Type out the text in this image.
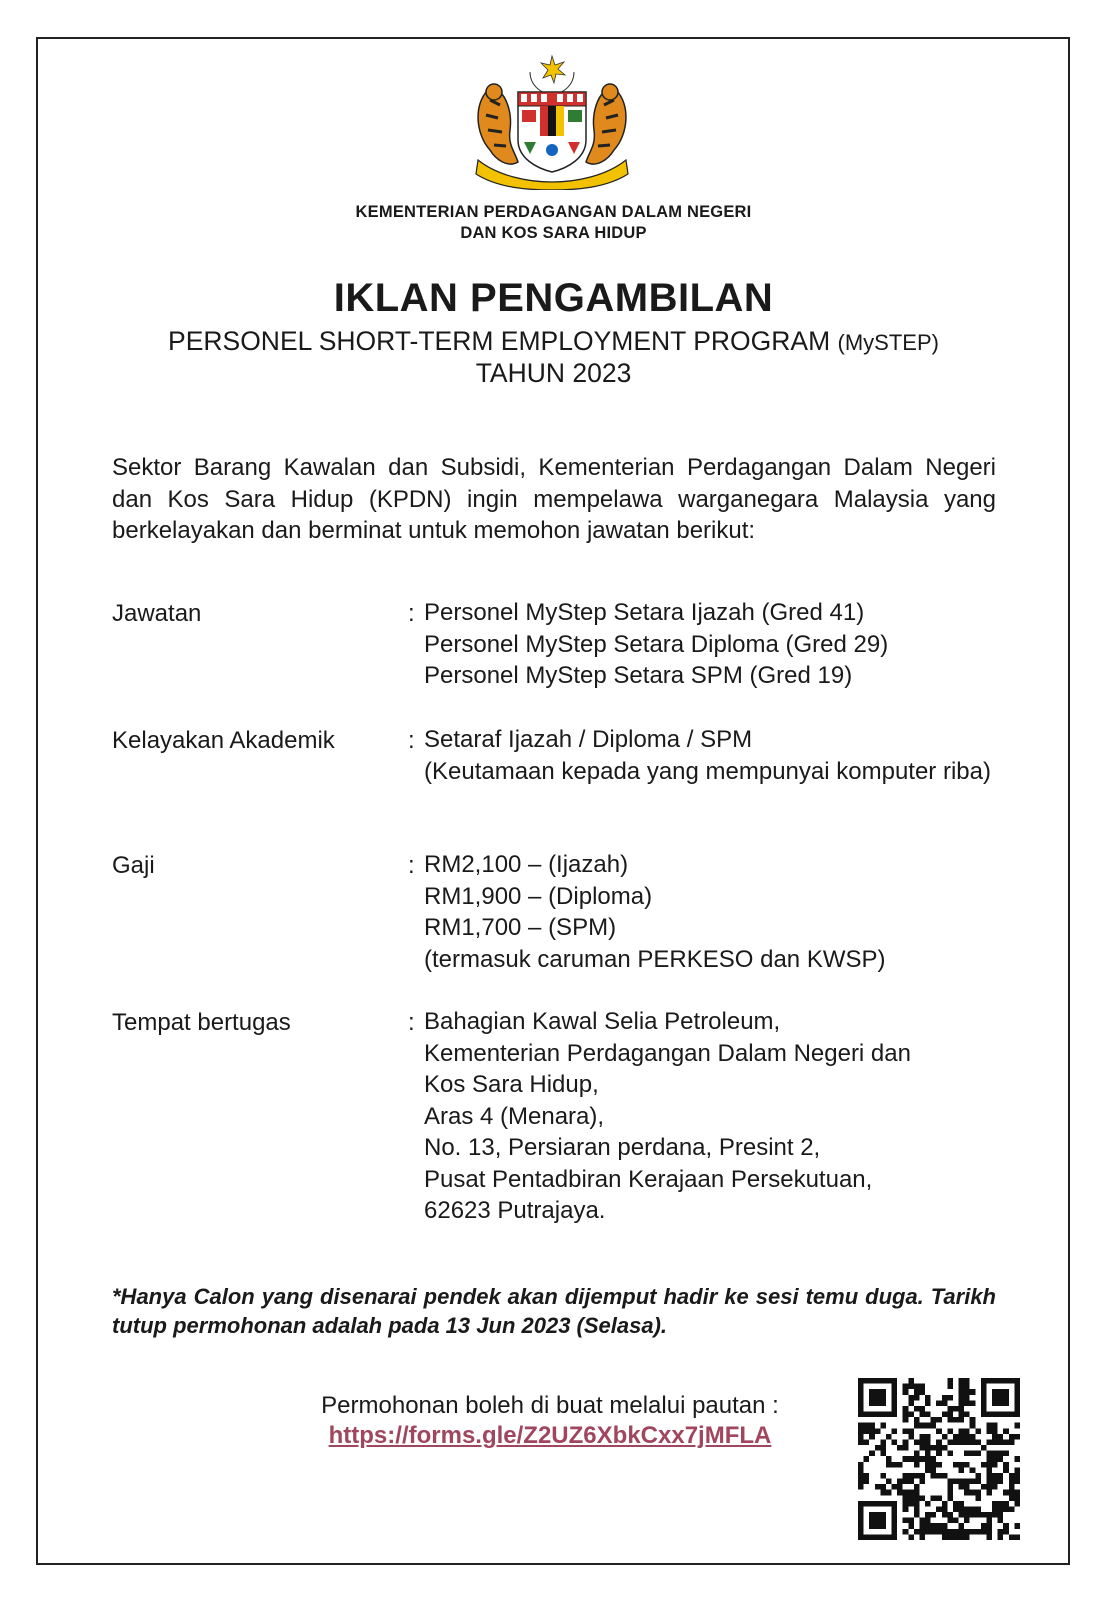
KEMENTERIAN PERDAGANGAN DALAM NEGERI
DAN KOS SARA HIDUP
IKLAN PENGAMBILAN
PERSONEL SHORT-TERM EMPLOYMENT PROGRAM (MySTEP)
TAHUN 2023
Sektor Barang Kawalan dan Subsidi, Kementerian Perdagangan Dalam Negeri dan Kos Sara Hidup (KPDN) ingin mempelawa warganegara Malaysia yang berkelayakan dan berminat untuk memohon jawatan berikut:
Jawatan	: Personel MyStep Setara Ijazah (Gred 41)
Personel MyStep Setara Diploma (Gred 29)
Personel MyStep Setara SPM (Gred 19)
Kelayakan Akademik	: Setaraf Ijazah / Diploma / SPM
(Keutamaan kepada yang mempunyai komputer riba)
Gaji	: RM2,100 – (Ijazah)
RM1,900 – (Diploma)
RM1,700 – (SPM)
(termasuk caruman PERKESO dan KWSP)
Tempat bertugas	: Bahagian Kawal Selia Petroleum,
Kementerian Perdagangan Dalam Negeri dan
Kos Sara Hidup,
Aras 4 (Menara),
No. 13, Persiaran perdana, Presint 2,
Pusat Pentadbiran Kerajaan Persekutuan,
62623 Putrajaya.
*Hanya Calon yang disenarai pendek akan dijemput hadir ke sesi temu duga. Tarikh tutup permohonan adalah pada 13 Jun 2023 (Selasa).
Permohonan boleh di buat melalui pautan :
https://forms.gle/Z2UZ6XbkCxx7jMFLA
